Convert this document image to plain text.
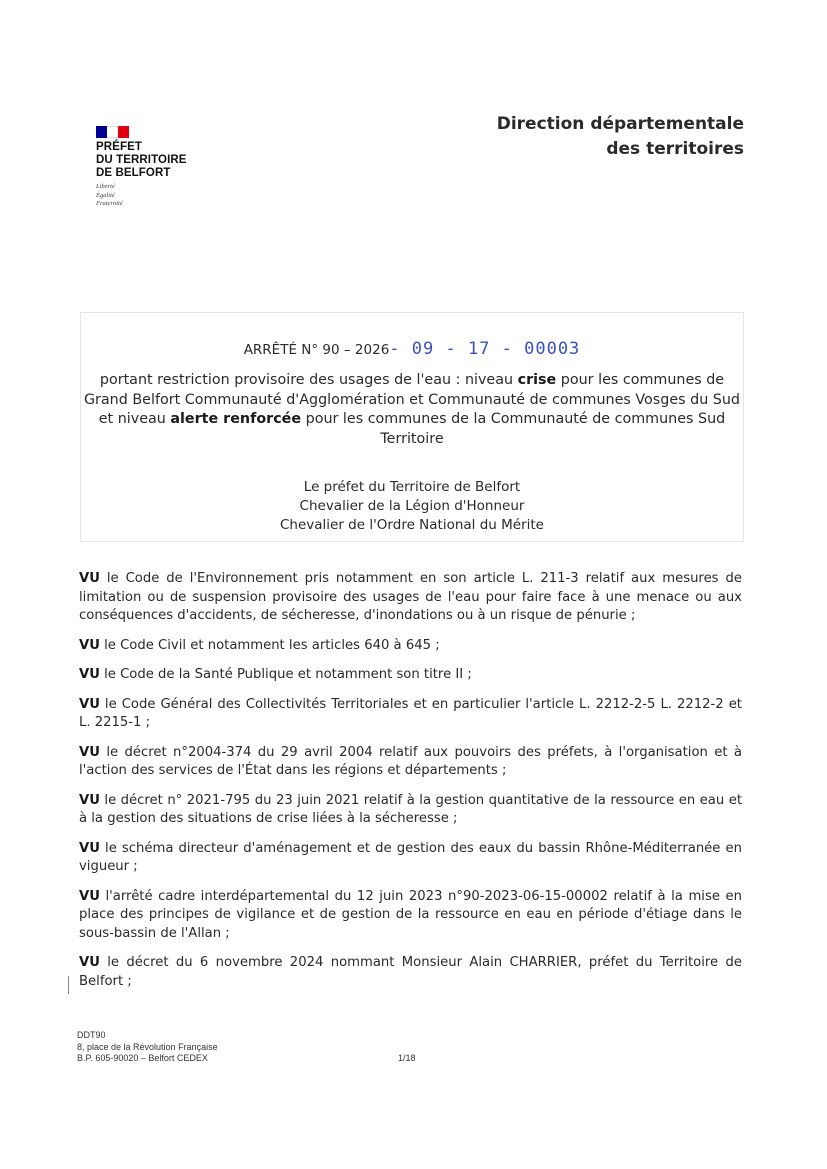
PRÉFET
DU TERRITOIRE
DE BELFORT
Liberté
Égalité
Fraternité
Direction départementale
des territoires
ARRÊTÉ N° 90 – 2026- 09 - 17 - 00003
portant restriction provisoire des usages de l'eau : niveau crise pour les communes de Grand Belfort Communauté d'Agglomération et Communauté de communes Vosges du Sud et niveau alerte renforcée pour les communes de la Communauté de communes Sud Territoire
Le préfet du Territoire de Belfort
Chevalier de la Légion d'Honneur
Chevalier de l'Ordre National du Mérite

VU le Code de l'Environnement pris notamment en son article L. 211-3 relatif aux mesures de limitation ou de suspension provisoire des usages de l'eau pour faire face à une menace ou aux conséquences d'accidents, de sécheresse, d'inondations ou à un risque de pénurie ;

VU le Code Civil et notamment les articles 640 à 645 ;

VU le Code de la Santé Publique et notamment son titre II ;

VU le Code Général des Collectivités Territoriales et en particulier l'article L. 2212-2-5 L. 2212-2 et L. 2215-1 ;

VU le décret n°2004-374 du 29 avril 2004 relatif aux pouvoirs des préfets, à l'organisation et à l'action des services de l'État dans les régions et départements ;

VU le décret n° 2021-795 du 23 juin 2021 relatif à la gestion quantitative de la ressource en eau et à la gestion des situations de crise liées à la sécheresse ;

VU le schéma directeur d'aménagement et de gestion des eaux du bassin Rhône-Méditerranée en vigueur ;

VU l'arrêté cadre interdépartemental du 12 juin 2023 n°90-2023-06-15-00002 relatif à la mise en place des principes de vigilance et de gestion de la ressource en eau en période d'étiage dans le sous-bassin de l'Allan ;

VU le décret du 6 novembre 2024 nommant Monsieur Alain CHARRIER, préfet du Territoire de Belfort ;

DDT90
8, place de la Révolution Française
B.P. 605-90020 – Belfort CEDEX	1/18
